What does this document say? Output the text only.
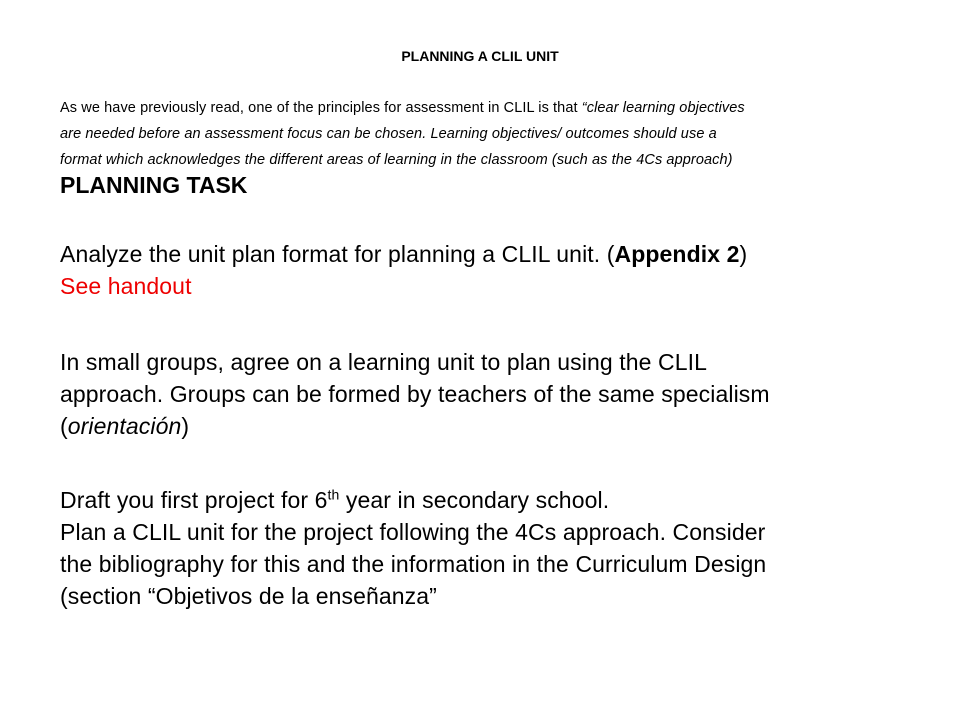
PLANNING A CLIL UNIT
As we have previously read, one of the principles for assessment in CLIL is that “clear learning objectives
are needed before an assessment focus can be chosen. Learning objectives/ outcomes should use a
format which acknowledges the different areas of learning in the classroom (such as the 4Cs approach)
PLANNING TASK
Analyze the unit plan format for planning a CLIL unit. (Appendix 2)
See handout
In small groups, agree on a learning unit to plan using the CLIL
approach. Groups can be formed by teachers of the same specialism
(orientación)
Draft you first project for 6th year in secondary school.
Plan a CLIL unit for the project following the 4Cs approach. Consider
the bibliography for this and the information in the Curriculum Design
(section “Objetivos de la enseñanza”
